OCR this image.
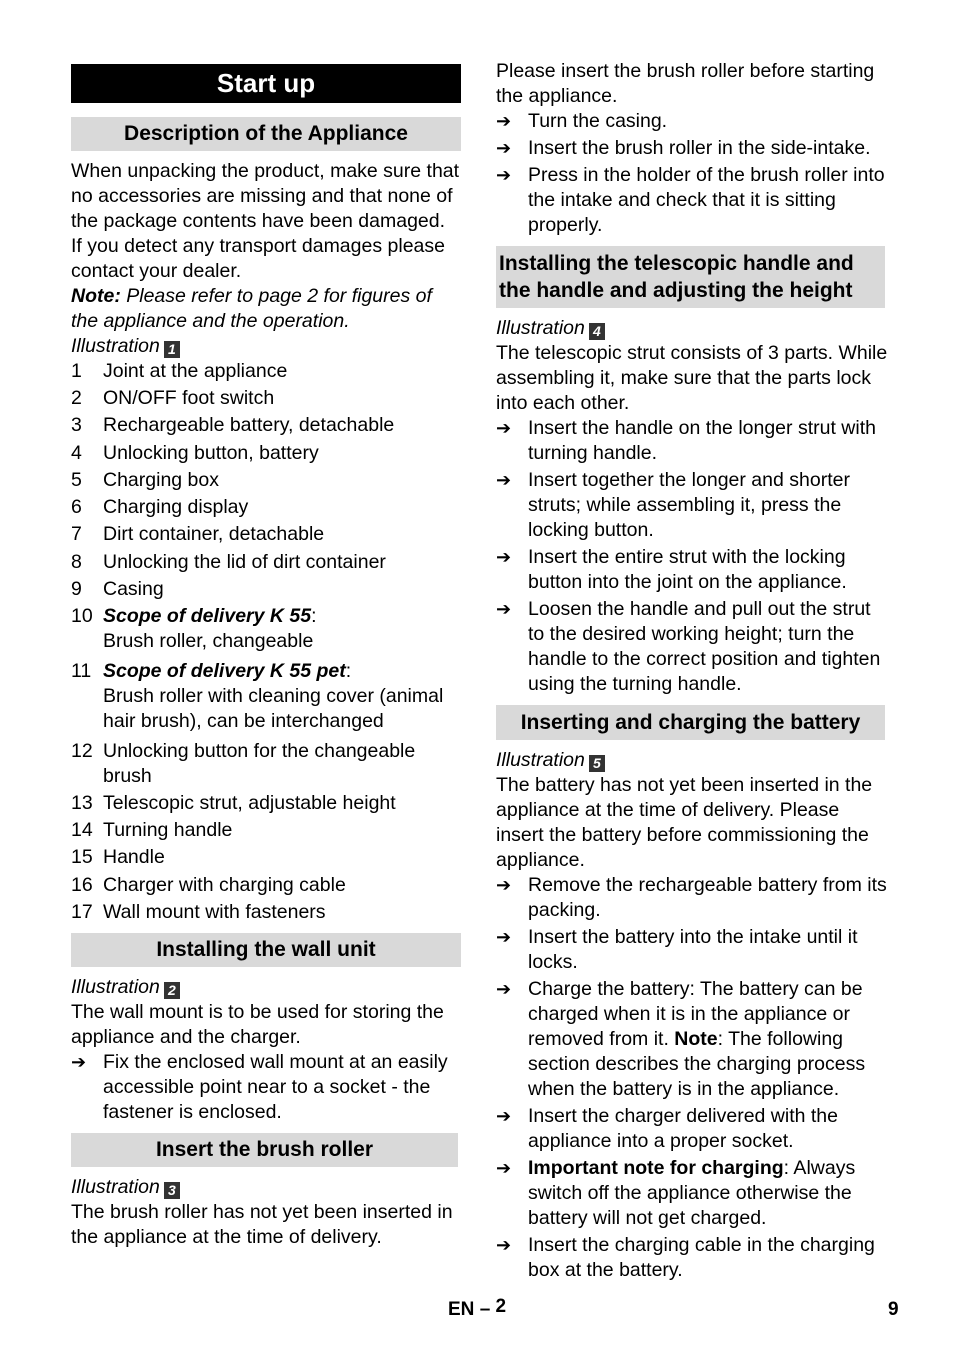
Start up
Description of the Appliance

When unpacking the product, make sure that no accessories are missing and that none of the package contents have been damaged. If you detect any transport damages please contact your dealer.

Note: Please refer to page 2 for figures of the appliance and the operation.

Illustration 1

1	Joint at the appliance
2	ON/OFF foot switch
3	Rechargeable battery, detachable
4	Unlocking button, battery
5	Charging box
6	Charging display
7	Dirt container, detachable
8	Unlocking the lid of dirt container
9	Casing
10 Scope of delivery K 55:
Brush roller, changeable
11 Scope of delivery K 55 pet:
Brush roller with cleaning cover (animal hair brush), can be interchanged
12 Unlocking button for the changeable brush
13 Telescopic strut, adjustable height
14 Turning handle
15 Handle
16 Charger with charging cable
17 Wall mount with fasteners
Installing the wall unit

Illustration 2

The wall mount is to be used for storing the appliance and the charger.

➔ Fix the enclosed wall mount at an easily accessible point near to a socket - the fastener is enclosed.
Insert the brush roller

Illustration 3

The brush roller has not yet been inserted in the appliance at the time of delivery.

Please insert the brush roller before starting the appliance.

➔ Turn the casing.
➔ Insert the brush roller in the side-intake.
➔ Press in the holder of the brush roller into the intake and check that it is sitting properly.
Installing the telescopic handle and
the handle and adjusting the height

Illustration 4

The telescopic strut consists of 3 parts. While assembling it, make sure that the parts lock into each other.

➔ Insert the handle on the longer strut with turning handle.
➔ Insert together the longer and shorter struts; while assembling it, press the locking button.
➔ Insert the entire strut with the locking button into the joint on the appliance.
➔ Loosen the handle and pull out the strut to the desired working height; turn the handle to the correct position and tighten using the turning handle.
Inserting and charging the battery

Illustration 5

The battery has not yet been inserted in the appliance at the time of delivery. Please insert the battery before commissioning the appliance.

➔ Remove the rechargeable battery from its packing.
➔ Insert the battery into the intake until it locks.
➔ Charge the battery: The battery can be charged when it is in the appliance or removed from it. Note: The following section describes the charging process when the battery is in the appliance.
➔ Insert the charger delivered with the appliance into a proper socket.
➔ Important note for charging: Always switch off the appliance otherwise the battery will not get charged.
➔ Insert the charging cable in the charging box at the battery.
EN – 2	9
